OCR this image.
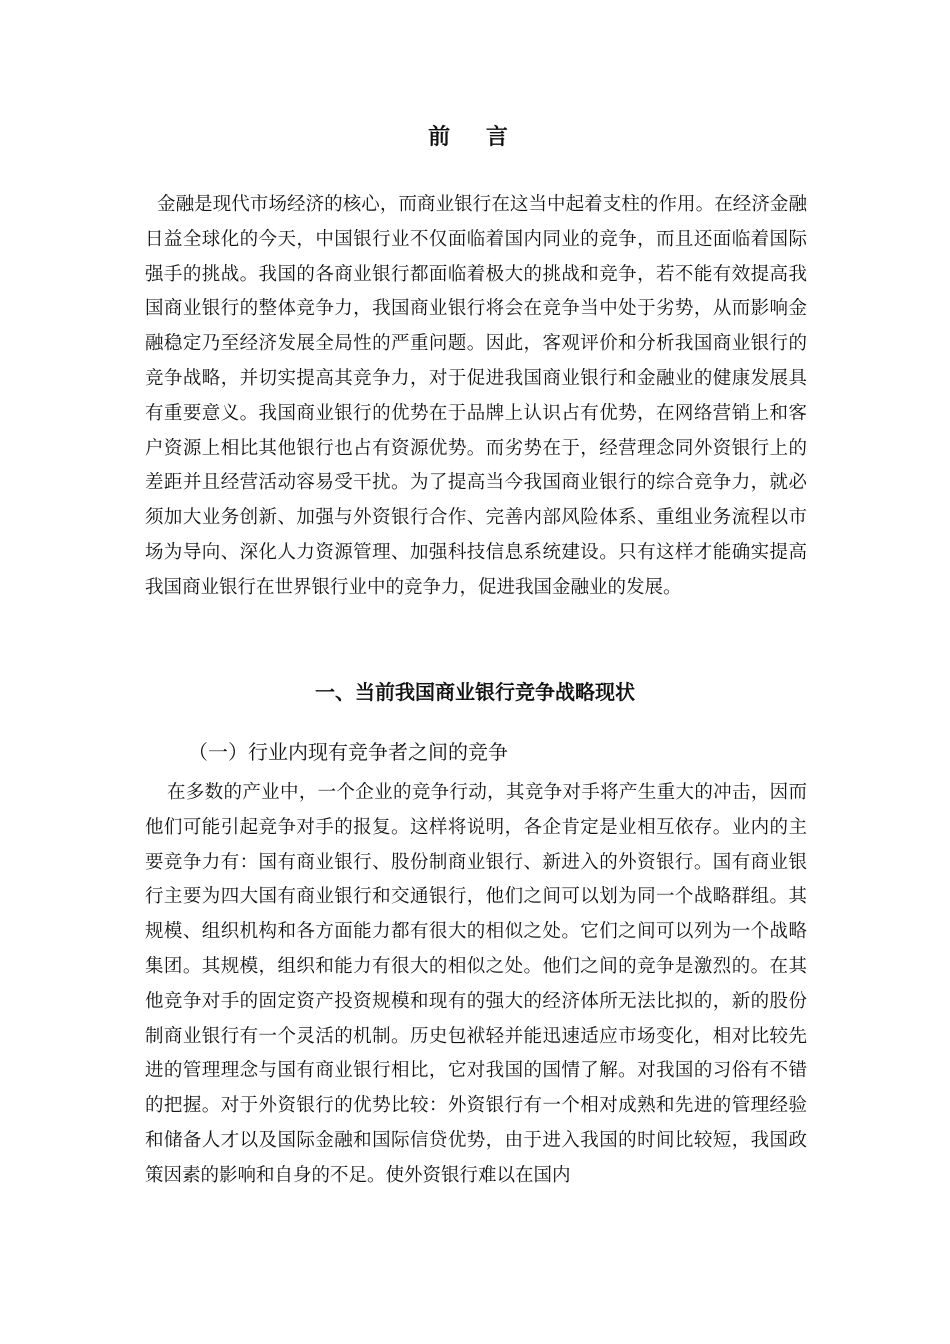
前 言

金融是现代市场经济的核心，而商业银行在这当中起着支柱的作用。在经济金融日益全球化的今天，中国银行业不仅面临着国内同业的竞争，而且还面临着国际强手的挑战。我国的各商业银行都面临着极大的挑战和竞争，若不能有效提高我国商业银行的整体竞争力，我国商业银行将会在竞争当中处于劣势，从而影响金融稳定乃至经济发展全局性的严重问题。因此，客观评价和分析我国商业银行的竞争战略，并切实提高其竞争力，对于促进我国商业银行和金融业的健康发展具有重要意义。我国商业银行的优势在于品牌上认识占有优势，在网络营销上和客户资源上相比其他银行也占有资源优势。而劣势在于，经营理念同外资银行上的差距并且经营活动容易受干扰。为了提高当今我国商业银行的综合竞争力，就必须加大业务创新、加强与外资银行合作、完善内部风险体系、重组业务流程以市场为导向、深化人力资源管理、加强科技信息系统建设。只有这样才能确实提高我国商业银行在世界银行业中的竞争力，促进我国金融业的发展。

一、当前我国商业银行竞争战略现状
（一）行业内现有竞争者之间的竞争

在多数的产业中，一个企业的竞争行动，其竞争对手将产生重大的冲击，因而他们可能引起竞争对手的报复。这样将说明，各企肯定是业相互依存。业内的主要竞争力有：国有商业银行、股份制商业银行、新进入的外资银行。国有商业银行主要为四大国有商业银行和交通银行，他们之间可以划为同一个战略群组。其规模、组织机构和各方面能力都有很大的相似之处。它们之间可以列为一个战略集团。其规模，组织和能力有很大的相似之处。他们之间的竞争是激烈的。在其他竞争对手的固定资产投资规模和现有的强大的经济体所无法比拟的，新的股份制商业银行有一个灵活的机制。历史包袱轻并能迅速适应市场变化，相对比较先进的管理理念与国有商业银行相比，它对我国的国情了解。对我国的习俗有不错的把握。对于外资银行的优势比较：外资银行有一个相对成熟和先进的管理经验和储备人才以及国际金融和国际信贷优势，由于进入我国的时间比较短，我国政策因素的影响和自身的不足。使外资银行难以在国内
